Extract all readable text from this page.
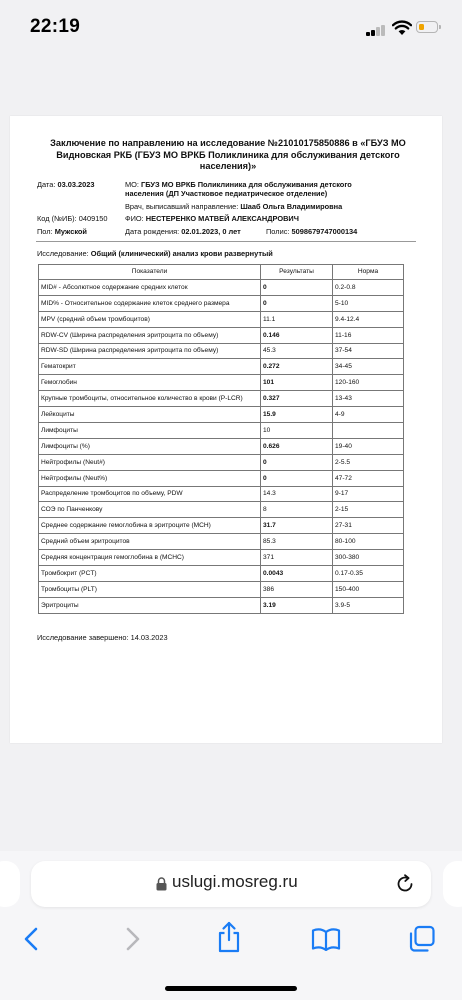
22:19
Заключение по направлению на исследование №21010175850886 в «ГБУЗ МО Видновская РКБ (ГБУЗ МО ВРКБ Поликлиника для обслуживания детского населения)»
Дата: 03.03.2023	МО: ГБУЗ МО ВРКБ Поликлиника для обслуживания детского населения (ДП Участковое педиатрическое отделение)
Врач, выписавший направление: Шааб Ольга Владимировна
Код (№ИБ): 0409150 ФИО: НЕСТЕРЕНКО МАТВЕЙ АЛЕКСАНДРОВИЧ
Пол: Мужской	Дата рождения: 02.01.2023, 0 лет	Полис: 5098679747000134
Исследование: Общий (клинический) анализ крови развернутый
Показатели	Результаты	Норма
MID# - Абсолютное содержание средних клеток	0	0.2-0.8
MID% - Относительное содержание клеток среднего размера	0	5-10
MPV (средний объем тромбоцитов)	11.1	9.4-12.4
RDW-CV (Ширина распределения эритроцита по объему)	0.146	11-16
RDW-SD (Ширина распределения эритроцита по объему)	45.3	37-54
Гематокрит	0.272	34-45
Гемоглобин	101	120-160
Крупные тромбоциты, относительное количество в крови (P-LCR)	0.327	13-43
Лейкоциты	15.9	4-9
Лимфоциты	10	
Лимфоциты (%)	0.626	19-40
Нейтрофилы (Neut#)	0	2-5.5
Нейтрофилы (Neut%)	0	47-72
Распределение тромбоцитов по объему, PDW	14.3	9-17
СОЭ по Панченкову	8	2-15
Среднее содержание гемоглобина в эритроците (MCH)	31.7	27-31
Средний объем эритроцитов	85.3	80-100
Средняя концентрация гемоглобина в (MCHC)	371	300-380
Тромбокрит (PCT)	0.0043	0.17-0.35
Тромбоциты (PLT)	386	150-400
Эритроциты	3.19	3.9-5
Исследование завершено: 14.03.2023
uslugi.mosreg.ru
